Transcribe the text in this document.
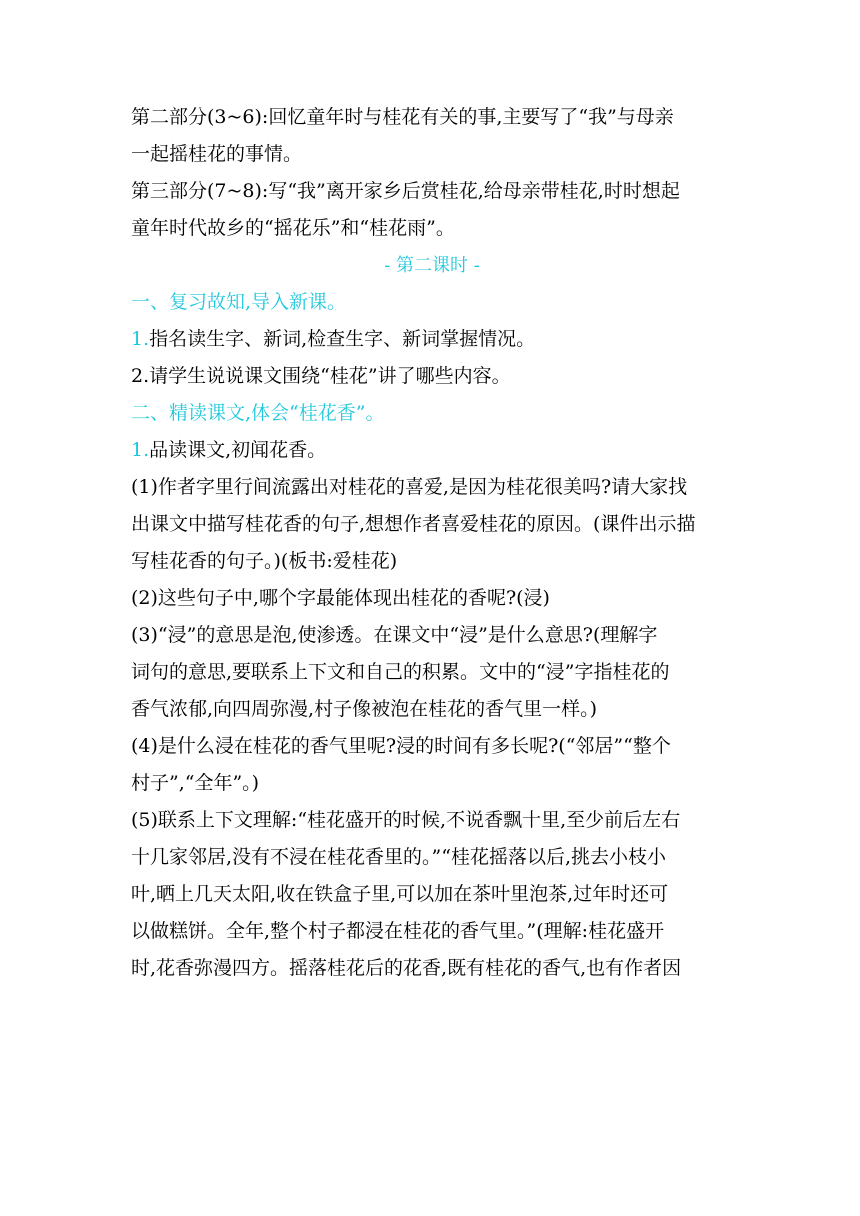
第二部分(3~6):回忆童年时与桂花有关的事,主要写了“我”与母亲
一起摇桂花的事情。
第三部分(7~8):写“我”离开家乡后赏桂花,给母亲带桂花,时时想起
童年时代故乡的“摇花乐”和“桂花雨”。
- 第二课时 -
一、复习故知,导入新课。
1.指名读生字、新词,检查生字、新词掌握情况。
2.请学生说说课文围绕“桂花”讲了哪些内容。
二、精读课文,体会“桂花香”。
1.品读课文,初闻花香。
(1)作者字里行间流露出对桂花的喜爱,是因为桂花很美吗?请大家找
出课文中描写桂花香的句子,想想作者喜爱桂花的原因。(课件出示描
写桂花香的句子。)(板书:爱桂花)
(2)这些句子中,哪个字最能体现出桂花的香呢?(浸)
(3)“浸”的意思是泡,使渗透。在课文中“浸”是什么意思?(理解字
词句的意思,要联系上下文和自己的积累。文中的“浸”字指桂花的
香气浓郁,向四周弥漫,村子像被泡在桂花的香气里一样。)
(4)是什么浸在桂花的香气里呢?浸的时间有多长呢?(“邻居”“整个
村子”,“全年”。)
(5)联系上下文理解:“桂花盛开的时候,不说香飘十里,至少前后左右
十几家邻居,没有不浸在桂花香里的。”“桂花摇落以后,挑去小枝小
叶,晒上几天太阳,收在铁盒子里,可以加在茶叶里泡茶,过年时还可
以做糕饼。全年,整个村子都浸在桂花的香气里。”(理解:桂花盛开
时,花香弥漫四方。摇落桂花后的花香,既有桂花的香气,也有作者因
